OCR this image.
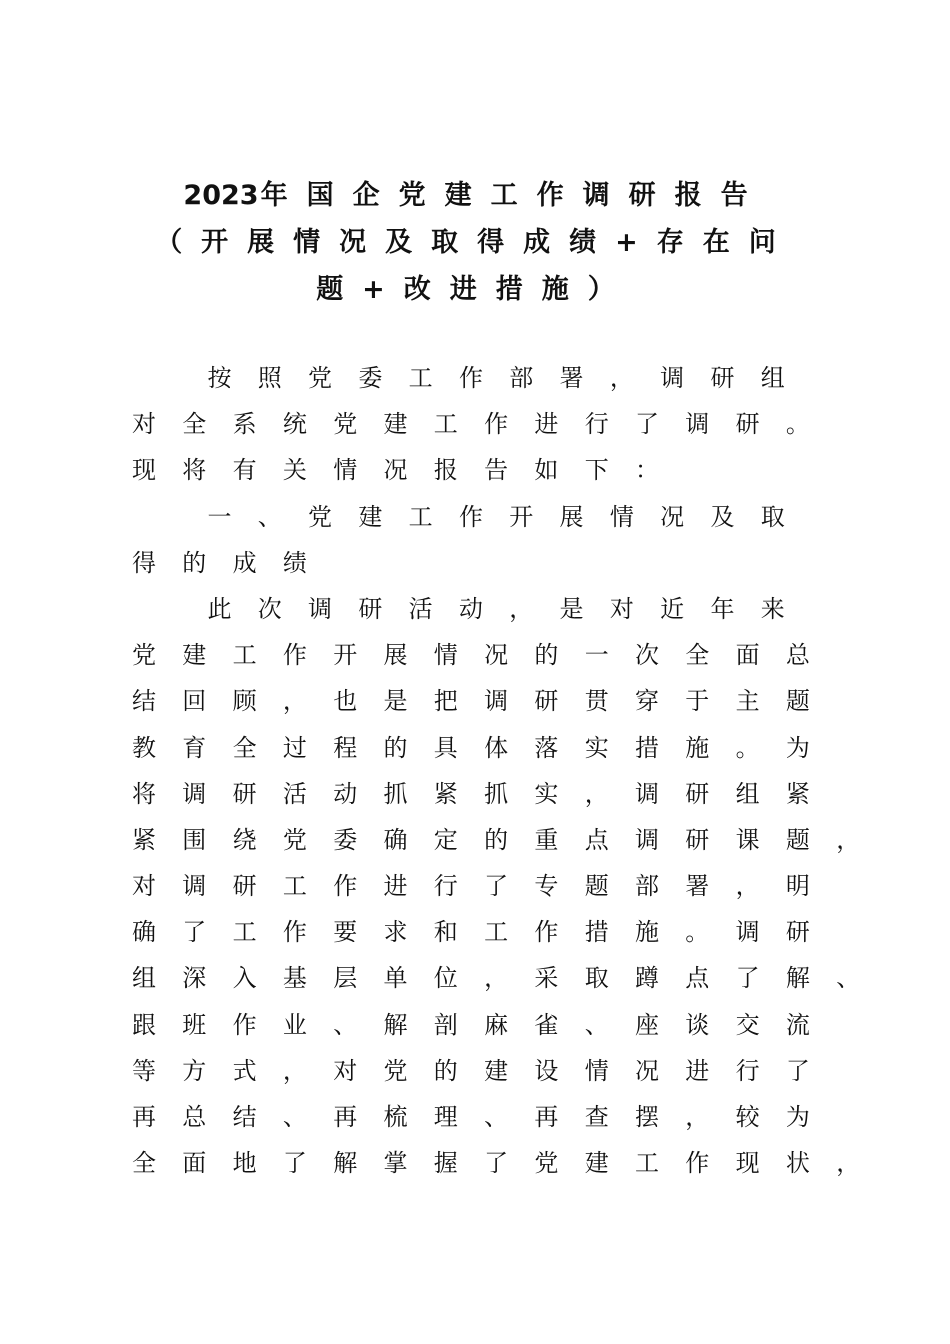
2023年国企党建工作调研报告
（开展情况及取得成绩+存在问
题+改进措施）
按 照 党 委 工 作 部 署 ， 调 研 组
对 全 系 统 党 建 工 作 进 行 了 调 研 。
现 将 有 关 情 况 报 告 如 下 ：
一 、 党 建 工 作 开 展 情 况 及 取
得 的 成 绩
此 次 调 研 活 动 ， 是 对 近 年 来
党 建 工 作 开 展 情 况 的 一 次 全 面 总
结 回 顾 ， 也 是 把 调 研 贯 穿 于 主 题
教 育 全 过 程 的 具 体 落 实 措 施 。 为
将 调 研 活 动 抓 紧 抓 实 ， 调 研 组 紧
紧 围 绕 党 委 确 定 的 重 点 调 研 课 题 ，
对 调 研 工 作 进 行 了 专 题 部 署 ， 明
确 了 工 作 要 求 和 工 作 措 施 。 调 研
组 深 入 基 层 单 位 ， 采 取 蹲 点 了 解 、
跟 班 作 业 、 解 剖 麻 雀 、 座 谈 交 流
等 方 式 ， 对 党 的 建 设 情 况 进 行 了
再 总 结 、 再 梳 理 、 再 查 摆 ， 较 为
全 面 地 了 解 掌 握 了 党 建 工 作 现 状 ，
